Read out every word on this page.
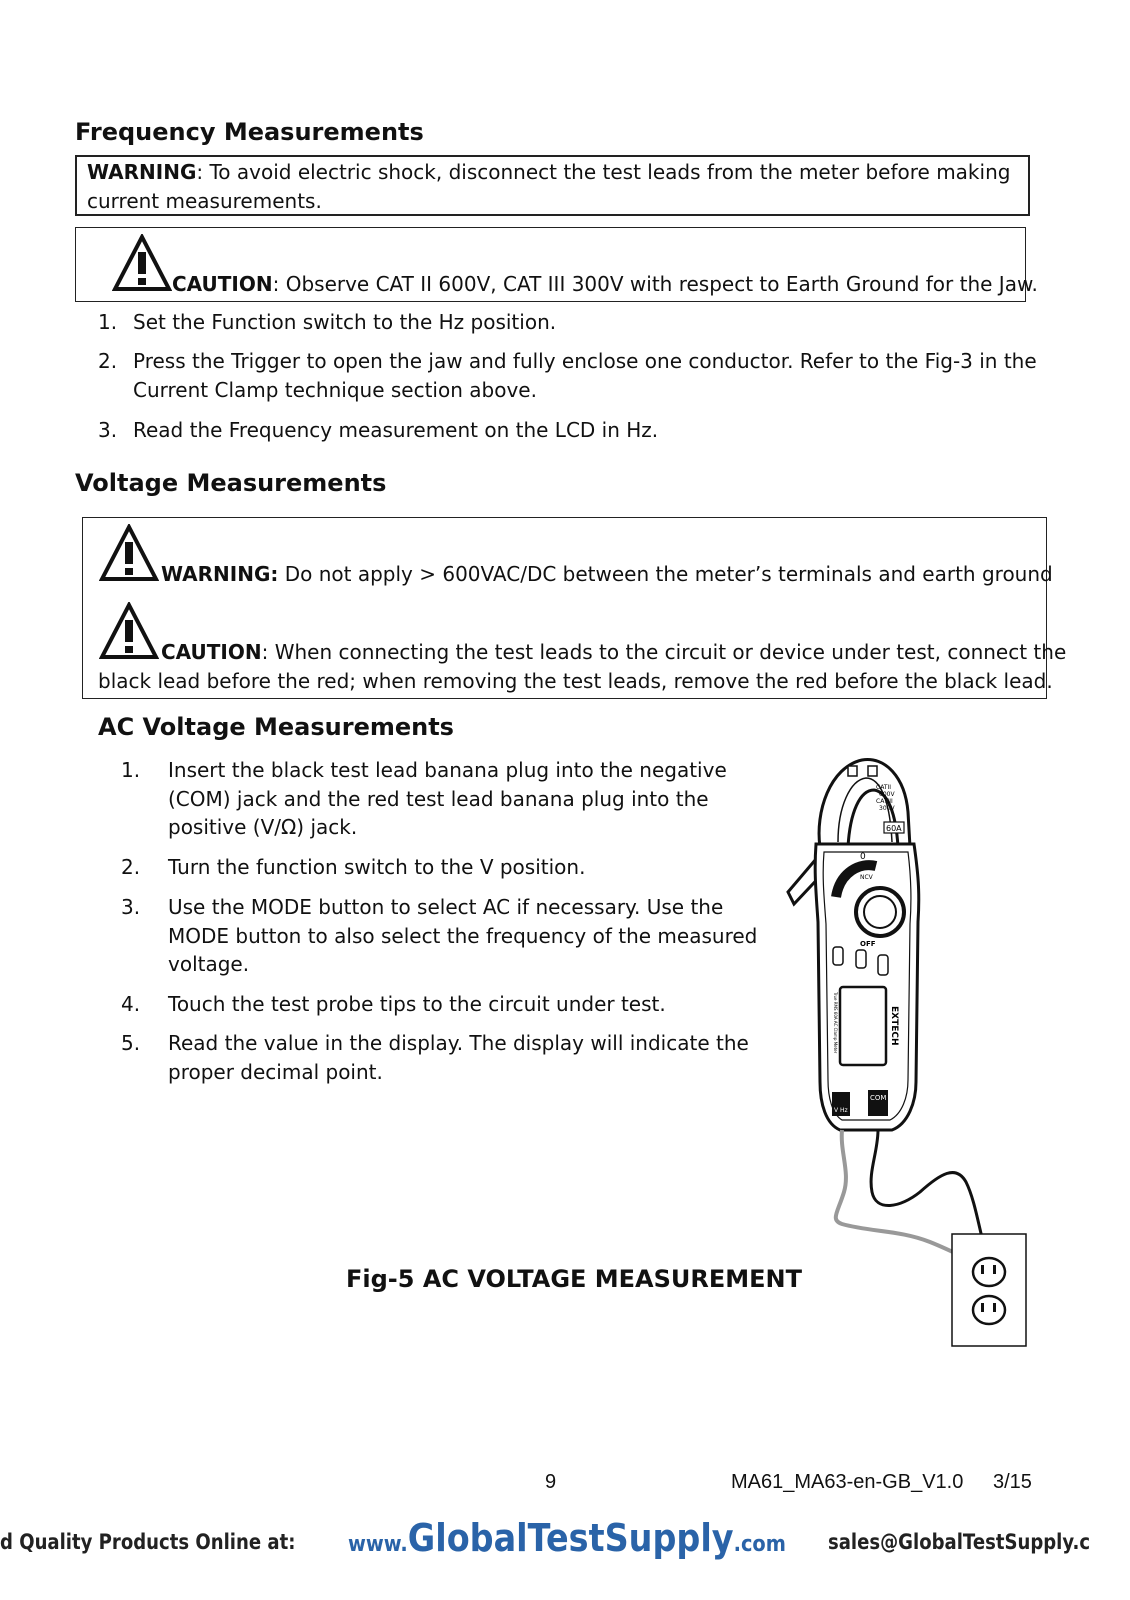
Frequency Measurements
WARNING: To avoid electric shock, disconnect the test leads from the meter before making
current measurements.
CAUTION: Observe CAT II 600V, CAT III 300V with respect to Earth Ground for the Jaw.
1. Set the Function switch to the Hz position.
2. Press the Trigger to open the jaw and fully enclose one conductor. Refer to the Fig-3 in the
Current Clamp technique section above.
3. Read the Frequency measurement on the LCD in Hz.
Voltage Measurements
WARNING: Do not apply > 600VAC/DC between the meter’s terminals and earth ground
CAUTION: When connecting the test leads to the circuit or device under test, connect the
black lead before the red; when removing the test leads, remove the red before the black lead.
AC Voltage Measurements
1. Insert the black test lead banana plug into the negative
(COM) jack and the red test lead banana plug into the
positive (V/Ω) jack.
2. Turn the function switch to the V position.
3. Use the MODE button to select AC if necessary. Use the
MODE button to also select the frequency of the measured
voltage.
4. Touch the test probe tips to the circuit under test.
5. Read the value in the display. The display will indicate the
proper decimal point.
Fig-5 AC VOLTAGE MEASUREMENT
CATII
600V
CATIII
300V
60A
0
NCV
OFF
EXTECH
True RMS 60A AC Clamp Meter
V Hz
COM
9	MA61_MA63-en-GB_V1.0 3/15
d Quality Products Online at: www.GlobalTestSupply.com sales@GlobalTestSupply.c
